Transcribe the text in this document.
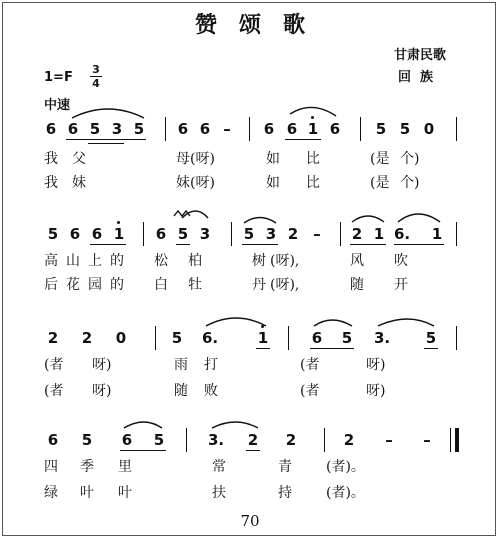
赞颂歌
甘肃民歌
回  族
1=F
3
4
中速
6 6 5 3 5 6 6 – 6 6 1 6 5 5 0
我 父	母(呀)	如 比	(是 个)
我 妹	妹(呀)	如 比	(是 个)
5 6 6 1 6 5 3 5 3 2 – 2 1 6. 1
高 山 上 的 松 柏	树 (呀),	风 吹
后 花 园 的 白 牡	丹 (呀),	随 开
2 2 0	5 6.	1	6 5 3. 5
(者 呀)	雨 打	(者	呀)
(者 呀)	随 败	(者	呀)
6 5 6 5	3. 2 2	2 – –
四 季 里	常	青 (者)。
绿 叶 叶	扶	持 (者)。
70
